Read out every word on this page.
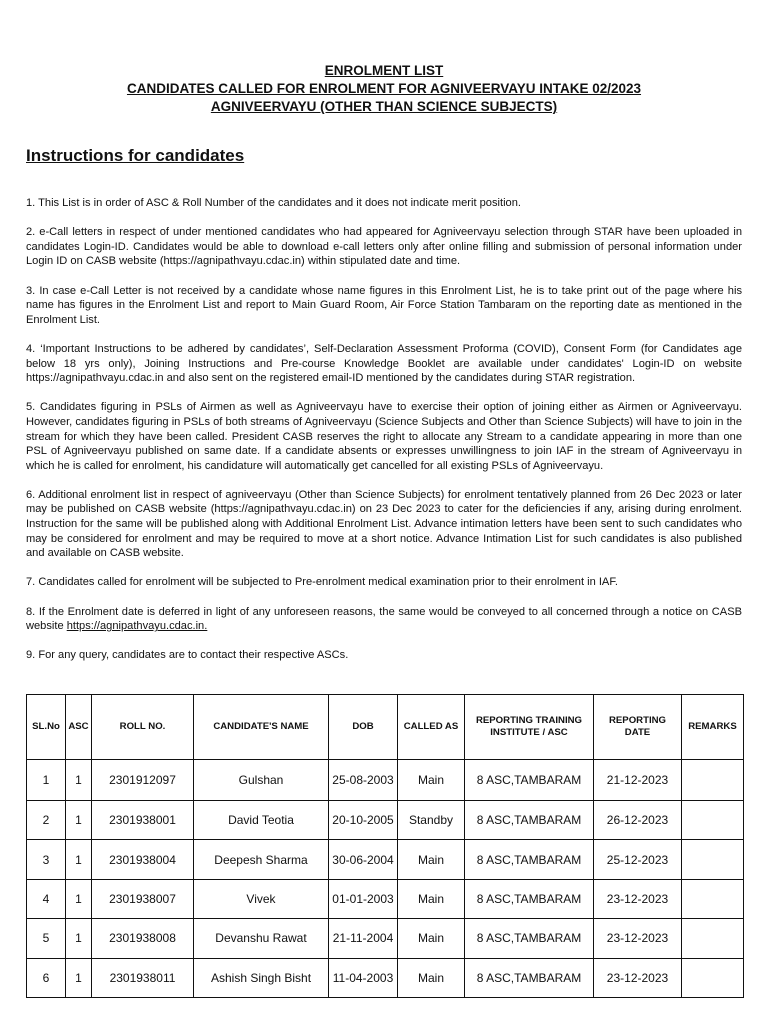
ENROLMENT LIST
CANDIDATES CALLED FOR ENROLMENT FOR AGNIVEERVAYU INTAKE 02/2023
AGNIVEERVAYU (OTHER THAN SCIENCE SUBJECTS)
Instructions for candidates

1. This List is in order of ASC & Roll Number of the candidates and it does not indicate merit position.

2. e-Call letters in respect of under mentioned candidates who had appeared for Agniveervayu selection through STAR have been uploaded in candidates Login-ID. Candidates would be able to download e-call letters only after online filling and submission of personal information under Login ID on CASB website (https://agnipathvayu.cdac.in) within stipulated date and time.

3. In case e-Call Letter is not received by a candidate whose name figures in this Enrolment List, he is to take print out of the page where his name has figures in the Enrolment List and report to Main Guard Room, Air Force Station Tambaram on the reporting date as mentioned in the Enrolment List.

4. ‘Important Instructions to be adhered by candidates’, Self-Declaration Assessment Proforma (COVID), Consent Form (for Candidates age below 18 yrs only), Joining Instructions and Pre-course Knowledge Booklet are available under candidates' Login-ID on website https://agnipathvayu.cdac.in and also sent on the registered email-ID mentioned by the candidates during STAR registration.

5. Candidates figuring in PSLs of Airmen as well as Agniveervayu have to exercise their option of joining either as Airmen or Agniveervayu. However, candidates figuring in PSLs of both streams of Agniveervayu (Science Subjects and Other than Science Subjects) will have to join in the stream for which they have been called. President CASB reserves the right to allocate any Stream to a candidate appearing in more than one PSL of Agniveervayu published on same date. If a candidate absents or expresses unwillingness to join IAF in the stream of Agniveervayu in which he is called for enrolment, his candidature will automatically get cancelled for all existing PSLs of Agniveervayu.

6. Additional enrolment list in respect of agniveervayu (Other than Science Subjects) for enrolment tentatively planned from 26 Dec 2023 or later may be published on CASB website (https://agnipathvayu.cdac.in) on 23 Dec 2023 to cater for the deficiencies if any, arising during enrolment. Instruction for the same will be published along with Additional Enrolment List. Advance intimation letters have been sent to such candidates who may be considered for enrolment and may be required to move at a short notice. Advance Intimation List for such candidates is also published and available on CASB website.

7. Candidates called for enrolment will be subjected to Pre-enrolment medical examination prior to their enrolment in IAF.

8. If the Enrolment date is deferred in light of any unforeseen reasons, the same would be conveyed to all concerned through a notice on CASB website https://agnipathvayu.cdac.in.

9. For any query, candidates are to contact their respective ASCs.

SL.No	ASC	ROLL NO.	CANDIDATE'S NAME	DOB	CALLED AS	REPORTING TRAINING INSTITUTE / ASC	REPORTING DATE	REMARKS
1	1	2301912097	Gulshan	25-08-2003	Main	8 ASC,TAMBARAM	21-12-2023	
2	1	2301938001	David Teotia	20-10-2005	Standby	8 ASC,TAMBARAM	26-12-2023	
3	1	2301938004	Deepesh Sharma	30-06-2004	Main	8 ASC,TAMBARAM	25-12-2023	
4	1	2301938007	Vivek	01-01-2003	Main	8 ASC,TAMBARAM	23-12-2023	
5	1	2301938008	Devanshu Rawat	21-11-2004	Main	8 ASC,TAMBARAM	23-12-2023	
6	1	2301938011	Ashish Singh Bisht	11-04-2003	Main	8 ASC,TAMBARAM	23-12-2023	
